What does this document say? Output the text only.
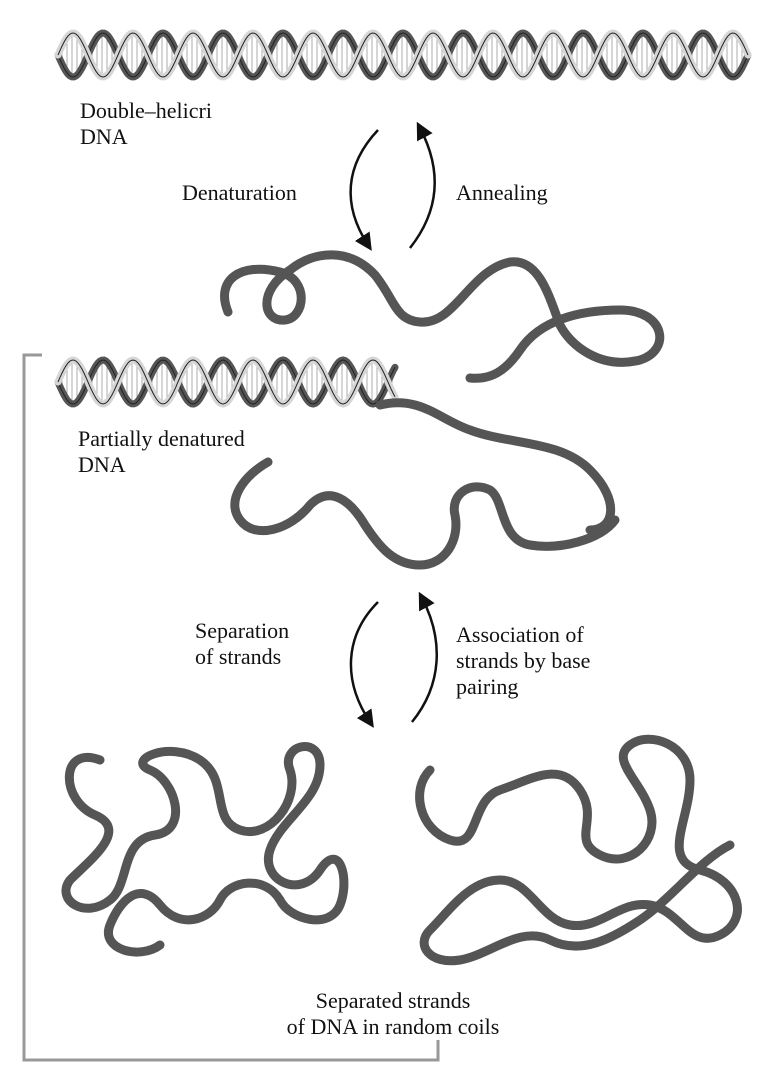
Double–helicri
DNA
Denaturation	Annealing
Partially denatured
DNA
Separation
of strands
Association of
strands by base
pairing
Separated strands
of DNA in random coils
